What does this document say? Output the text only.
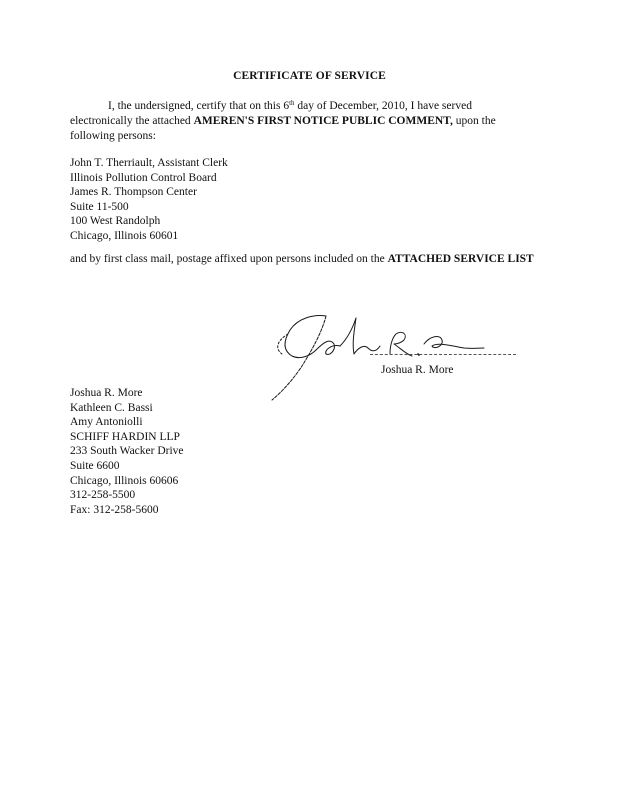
CERTIFICATE OF SERVICE

I, the undersigned, certify that on this 6th day of December, 2010, I have served electronically the attached AMEREN'S FIRST NOTICE PUBLIC COMMENT, upon the following persons:

John T. Therriault, Assistant Clerk
Illinois Pollution Control Board
James R. Thompson Center
Suite 11-500
100 West Randolph
Chicago, Illinois 60601

and by first class mail, postage affixed upon persons included on the ATTACHED SERVICE LIST

Joshua R. More
Joshua R. More
Kathleen C. Bassi
Amy Antoniolli
SCHIFF HARDIN LLP
233 South Wacker Drive
Suite 6600
Chicago, Illinois 60606
312-258-5500
Fax: 312-258-5600
